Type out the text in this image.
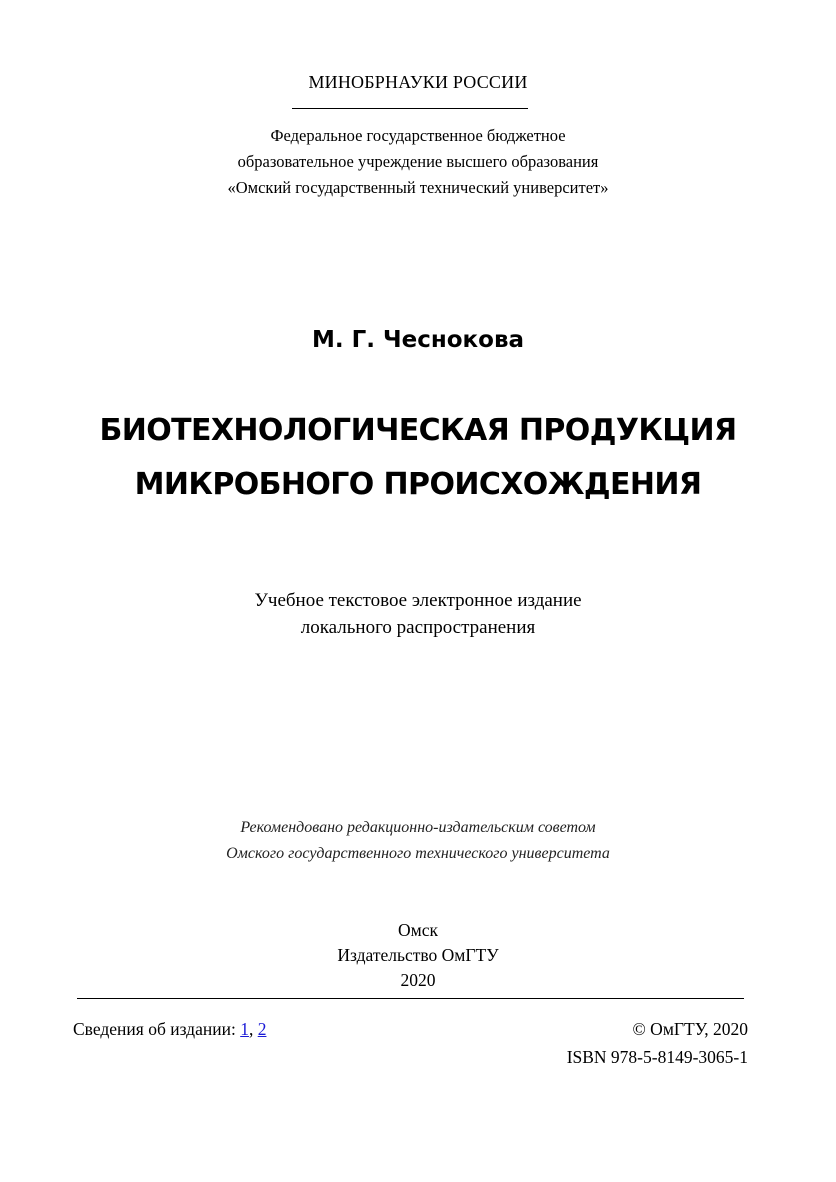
МИНОБРНАУКИ РОССИИ
Федеральное государственное бюджетное
образовательное учреждение высшего образования
«Омский государственный технический университет»
М. Г. Чеснокова
БИОТЕХНОЛОГИЧЕСКАЯ ПРОДУКЦИЯ
МИКРОБНОГО ПРОИСХОЖДЕНИЯ
Учебное текстовое электронное издание
локального распространения
Рекомендовано редакционно-издательским советом
Омского государственного технического университета
Омск
Издательство ОмГТУ
2020
Сведения об издании: 1, 2	© ОмГТУ, 2020
ISBN 978-5-8149-3065-1
